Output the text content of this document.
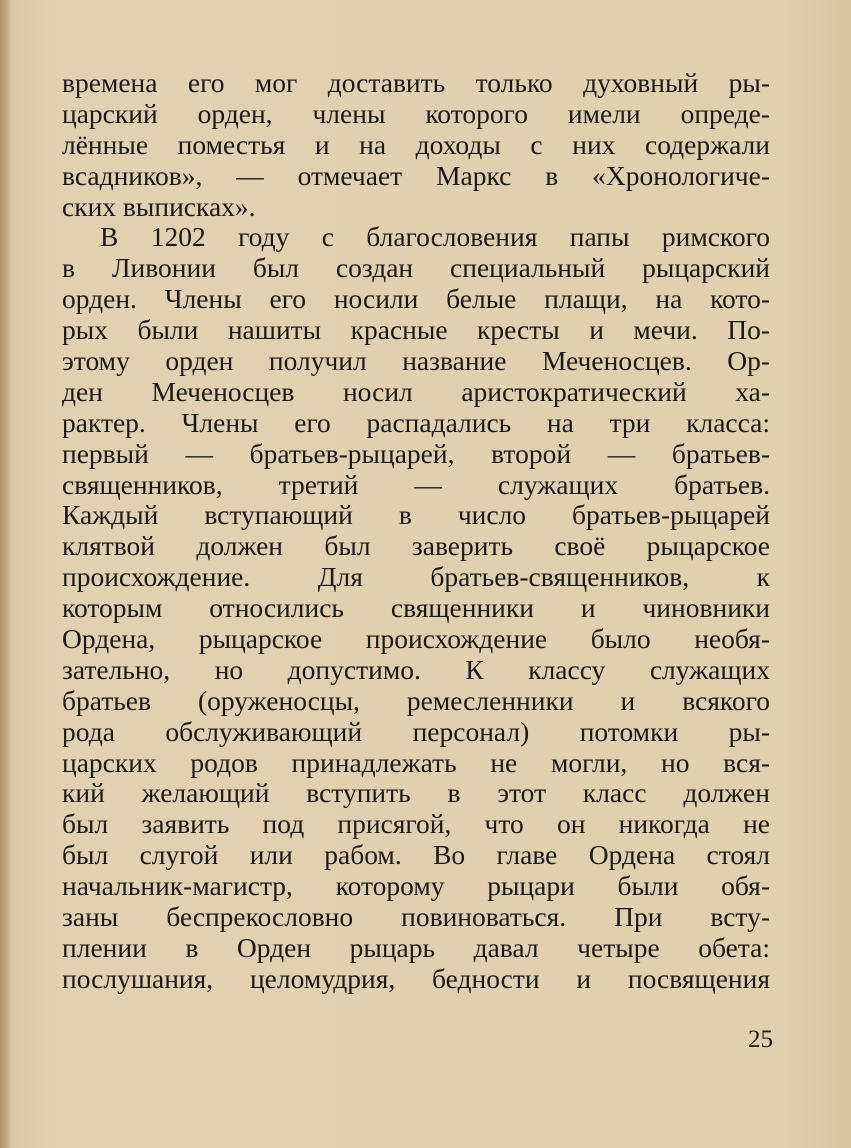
времена его мог доставить только духовный ры-
царский орден, члены которого имели опреде-
лённые поместья и на доходы с них содержали
всадников», — отмечает Маркс в «Хронологиче-
ских выписках».
В 1202 году с благословения папы римского
в Ливонии был создан специальный рыцарский
орден. Члены его носили белые плащи, на кото-
рых были нашиты красные кресты и мечи. По-
этому орден получил название Меченосцев. Ор-
ден Меченосцев носил аристократический ха-
рактер. Члены его распадались на три класса:
первый — братьев-рыцарей, второй — братьев-
священников, третий — служащих братьев.
Каждый вступающий в число братьев-рыцарей
клятвой должен был заверить своё рыцарское
происхождение. Для братьев-священников, к
которым относились священники и чиновники
Ордена, рыцарское происхождение было необя-
зательно, но допустимо. К классу служащих
братьев (оруженосцы, ремесленники и всякого
рода обслуживающий персонал) потомки ры-
царских родов принадлежать не могли, но вся-
кий желающий вступить в этот класс должен
был заявить под присягой, что он никогда не
был слугой или рабом. Во главе Ордена стоял
начальник-магистр, которому рыцари были обя-
заны беспрекословно повиноваться. При всту-
плении в Орден рыцарь давал четыре обета:
послушания, целомудрия, бедности и посвящения
25
